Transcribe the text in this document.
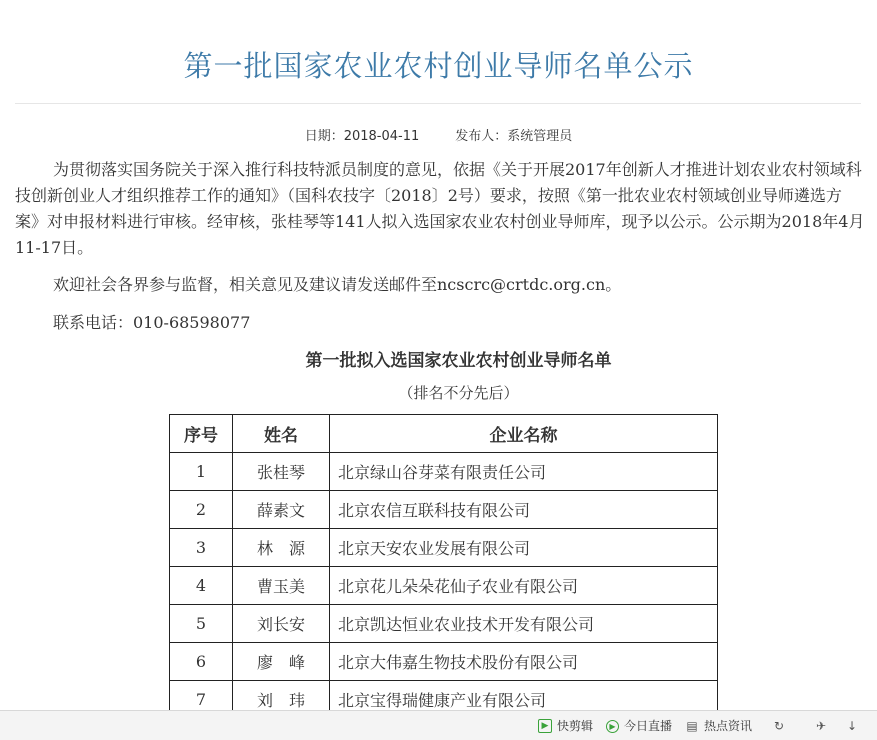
第一批国家农业农村创业导师名单公示
日期：2018-04-11	发布人：系统管理员
为贯彻落实国务院关于深入推行科技特派员制度的意见，依据《关于开展2017年创新人才推进计划农业农村领域科技创新创业人才组织推荐工作的通知》（国科农技字〔2018〕2号）要求，按照《第一批农业农村领域创业导师遴选方案》对申报材料进行审核。经审核，张桂琴等141人拟入选国家农业农村创业导师库，现予以公示。公示期为2018年4月11-17日。
欢迎社会各界参与监督，相关意见及建议请发送邮件至ncscrc@crtdc.org.cn。
联系电话：010-68598077
第一批拟入选国家农业农村创业导师名单
（排名不分先后）
序号	姓名	企业名称
1	张桂琴	北京绿山谷芽菜有限责任公司
2	薛素文	北京农信互联科技有限公司
3	林　源	北京天安农业发展有限公司
4	曹玉美	北京花儿朵朵花仙子农业有限公司
5	刘长安	北京凯达恒业农业技术开发有限公司
6	廖　峰	北京大伟嘉生物技术股份有限公司
7	刘　玮	北京宝得瑞健康产业有限公司
▶ 快剪辑	▶ 今日直播 ▤ 热点资讯 ↻	✈ ↓
